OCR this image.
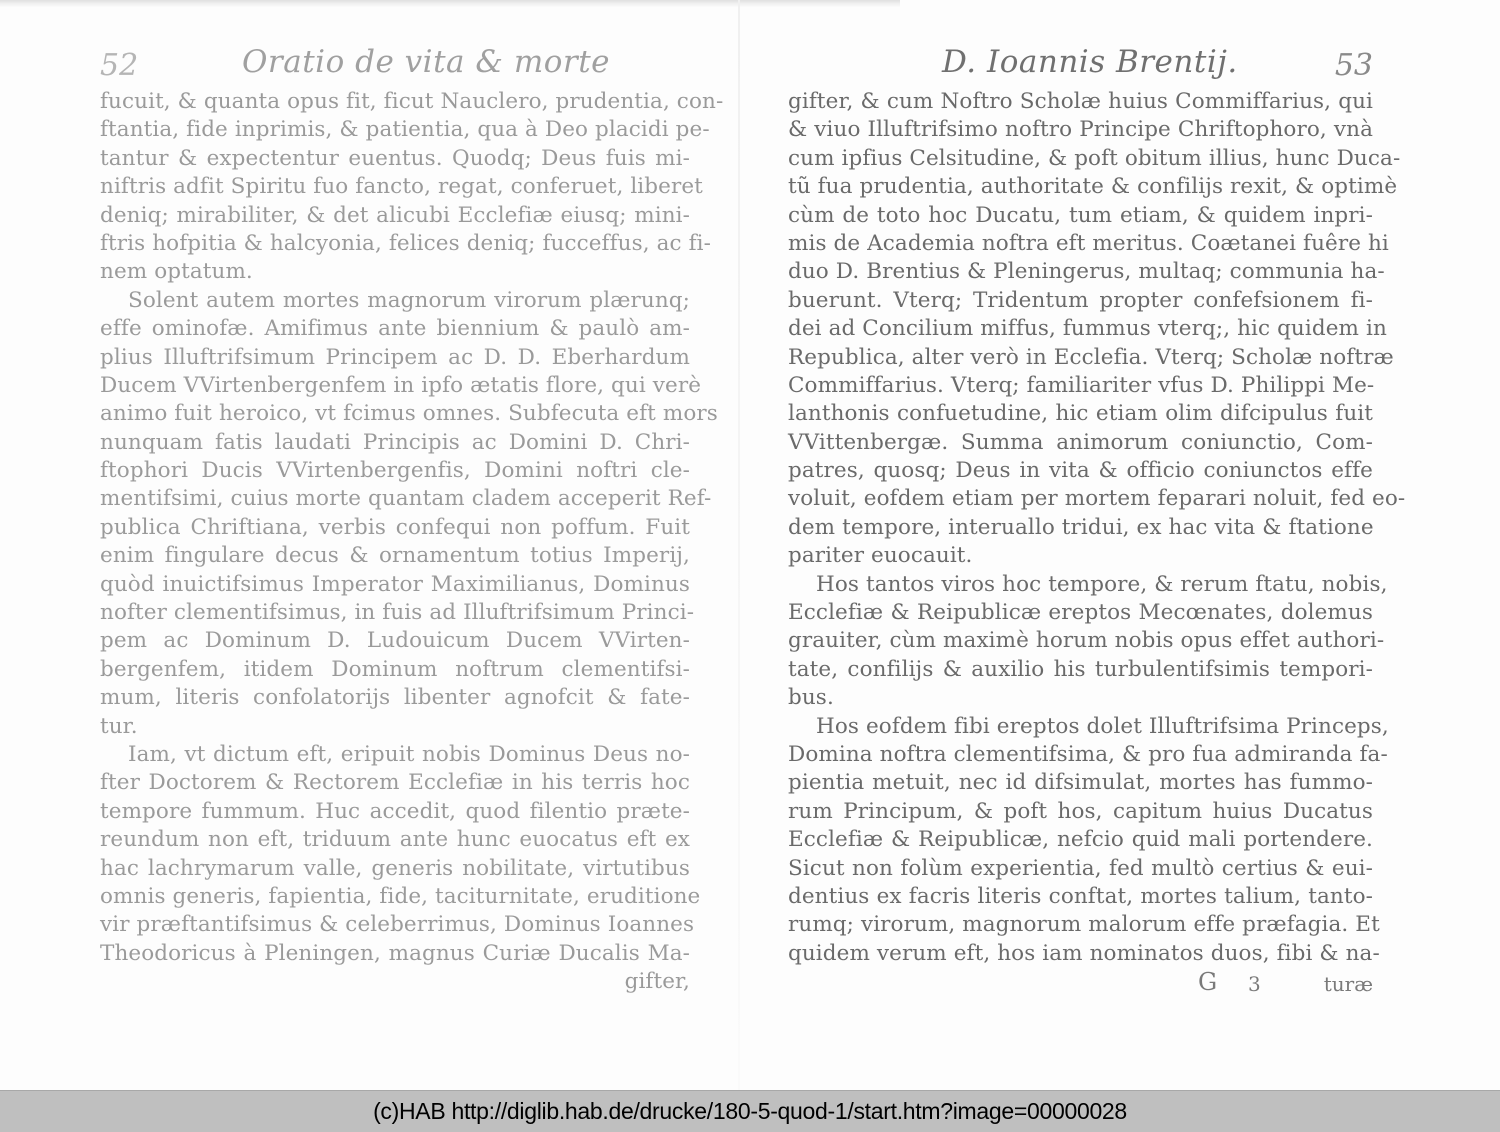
52	Oratio de vita & morte
fucuit, & quanta opus fit, ficut Nauclero, prudentia, con-
ftantia, fide inprimis, & patientia, qua à Deo placidi pe-
tantur & expectentur euentus. Quodq; Deus fuis mi-
niftris adfit Spiritu fuo fancto, regat, conferuet, liberet
deniq; mirabiliter, & det alicubi Ecclefiæ eiusq; mini-
ftris hofpitia & halcyonia, felices deniq; fucceffus, ac fi-
nem optatum.
Solent autem mortes magnorum virorum plærunq;
effe ominofæ. Amifimus ante biennium & paulò am-
plius Illuftrifsimum Principem ac D. D. Eberhardum
Ducem VVirtenbergenfem in ipfo ætatis flore, qui verè
animo fuit heroico, vt fcimus omnes. Subfecuta eft mors
nunquam fatis laudati Principis ac Domini D. Chri-
ftophori Ducis VVirtenbergenfis, Domini noftri cle-
mentifsimi, cuius morte quantam cladem acceperit Ref-
publica Chriftiana, verbis confequi non poffum. Fuit
enim fingulare decus & ornamentum totius Imperij,
quòd inuictifsimus Imperator Maximilianus, Dominus
nofter clementifsimus, in fuis ad Illuftrifsimum Princi-
pem ac Dominum D. Ludouicum Ducem VVirten-
bergenfem, itidem Dominum noftrum clementifsi-
mum, literis confolatorijs libenter agnofcit & fate-
tur.
Iam, vt dictum eft, eripuit nobis Dominus Deus no-
fter Doctorem & Rectorem Ecclefiæ in his terris hoc
tempore fummum. Huc accedit, quod filentio præte-
reundum non eft, triduum ante hunc euocatus eft ex
hac lachrymarum valle, generis nobilitate, virtutibus
omnis generis, fapientia, fide, taciturnitate, eruditione
vir præftantifsimus & celeberrimus, Dominus Ioannes
Theodoricus à Pleningen, magnus Curiæ Ducalis Ma-
gifter,
D. Ioannis Brentij.	53
gifter, & cum Noftro Scholæ huius Commiffarius, qui
& viuo Illuftrifsimo noftro Principe Chriftophoro, vnà
cum ipfius Celsitudine, & poft obitum illius, hunc Duca-
tũ fua prudentia, authoritate & confilijs rexit, & optimè
cùm de toto hoc Ducatu, tum etiam, & quidem inpri-
mis de Academia noftra eft meritus. Coætanei fuêre hi
duo D. Brentius & Pleningerus, multaq; communia ha-
buerunt. Vterq; Tridentum propter confefsionem fi-
dei ad Concilium miffus, fummus vterq;, hic quidem in
Republica, alter verò in Ecclefia. Vterq; Scholæ noftræ
Commiffarius. Vterq; familiariter vfus D. Philippi Me-
lanthonis confuetudine, hic etiam olim difcipulus fuit
VVittenbergæ. Summa animorum coniunctio, Com-
patres, quosq; Deus in vita & officio coniunctos effe
voluit, eofdem etiam per mortem feparari noluit, fed eo-
dem tempore, interuallo tridui, ex hac vita & ftatione
pariter euocauit.
Hos tantos viros hoc tempore, & rerum ftatu, nobis,
Ecclefiæ & Reipublicæ ereptos Mecœnates, dolemus
grauiter, cùm maximè horum nobis opus effet authori-
tate, confilijs & auxilio his turbulentifsimis tempori-
bus.
Hos eofdem fibi ereptos dolet Illuftrifsima Princeps,
Domina noftra clementifsima, & pro fua admiranda fa-
pientia metuit, nec id difsimulat, mortes has fummo-
rum Principum, & poft hos, capitum huius Ducatus
Ecclefiæ & Reipublicæ, nefcio quid mali portendere.
Sicut non folùm experientia, fed multò certius & eui-
dentius ex facris literis conftat, mortes talium, tanto-
rumq; virorum, magnorum malorum effe præfagia. Et
quidem verum eft, hos iam nominatos duos, fibi & na-
G 3	turæ
(c)HAB http://diglib.hab.de/drucke/180-5-quod-1/start.htm?image=00000028
